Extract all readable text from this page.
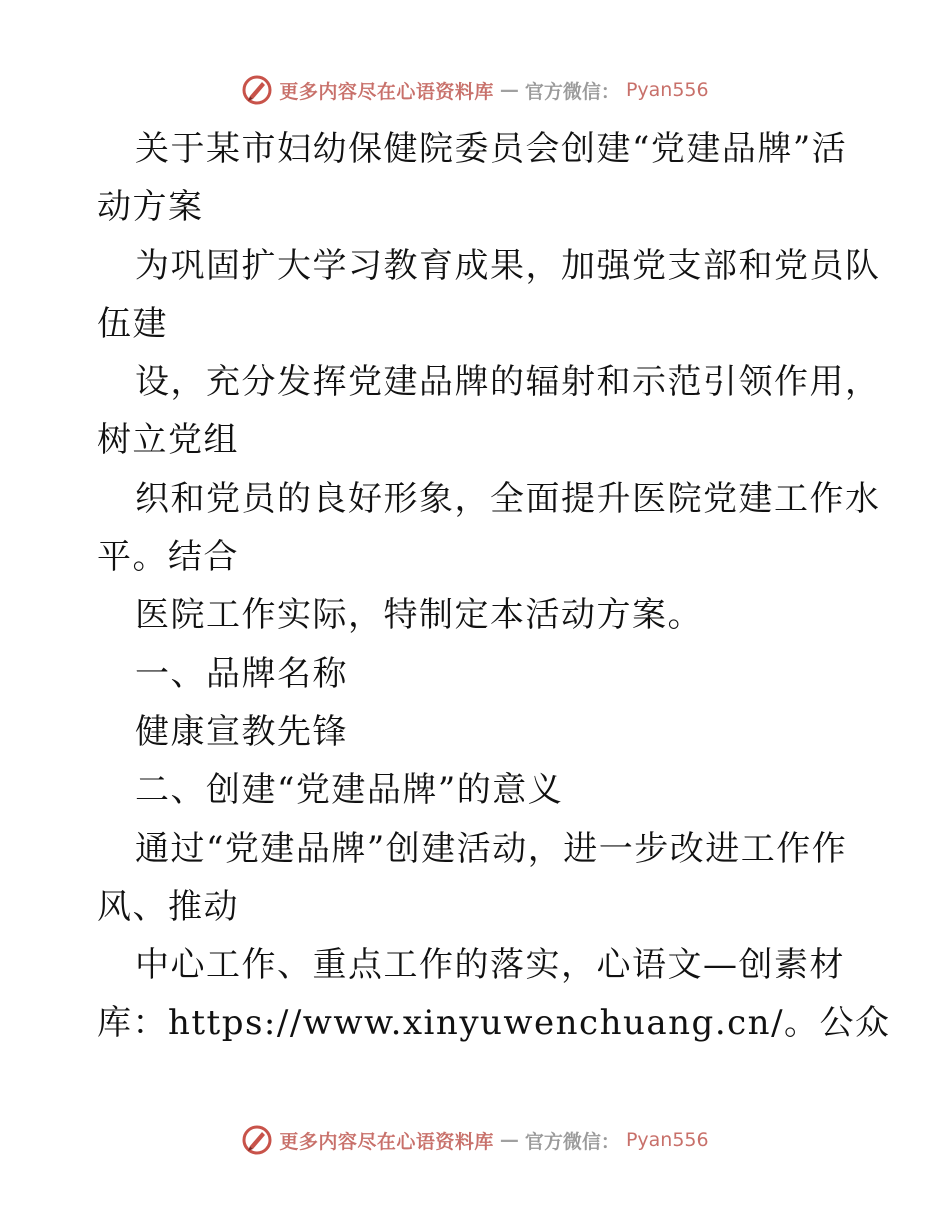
更多内容尽在心语资料库 — 官方微信： Pyan556
关于某市妇幼保健院委员会创建“党建品牌”活
动方案
为巩固扩大学习教育成果，加强党支部和党员队
伍建
设，充分发挥党建品牌的辐射和示范引领作用，
树立党组
织和党员的良好形象，全面提升医院党建工作水
平。结合
医院工作实际，特制定本活动方案。
一、品牌名称
健康宣教先锋
二、创建“党建品牌”的意义
通过“党建品牌”创建活动，进一步改进工作作
风、推动
中心工作、重点工作的落实，心语文—创素材
库：https://www.xinyuwenchuang.cn/。公众
更多内容尽在心语资料库 — 官方微信： Pyan556
